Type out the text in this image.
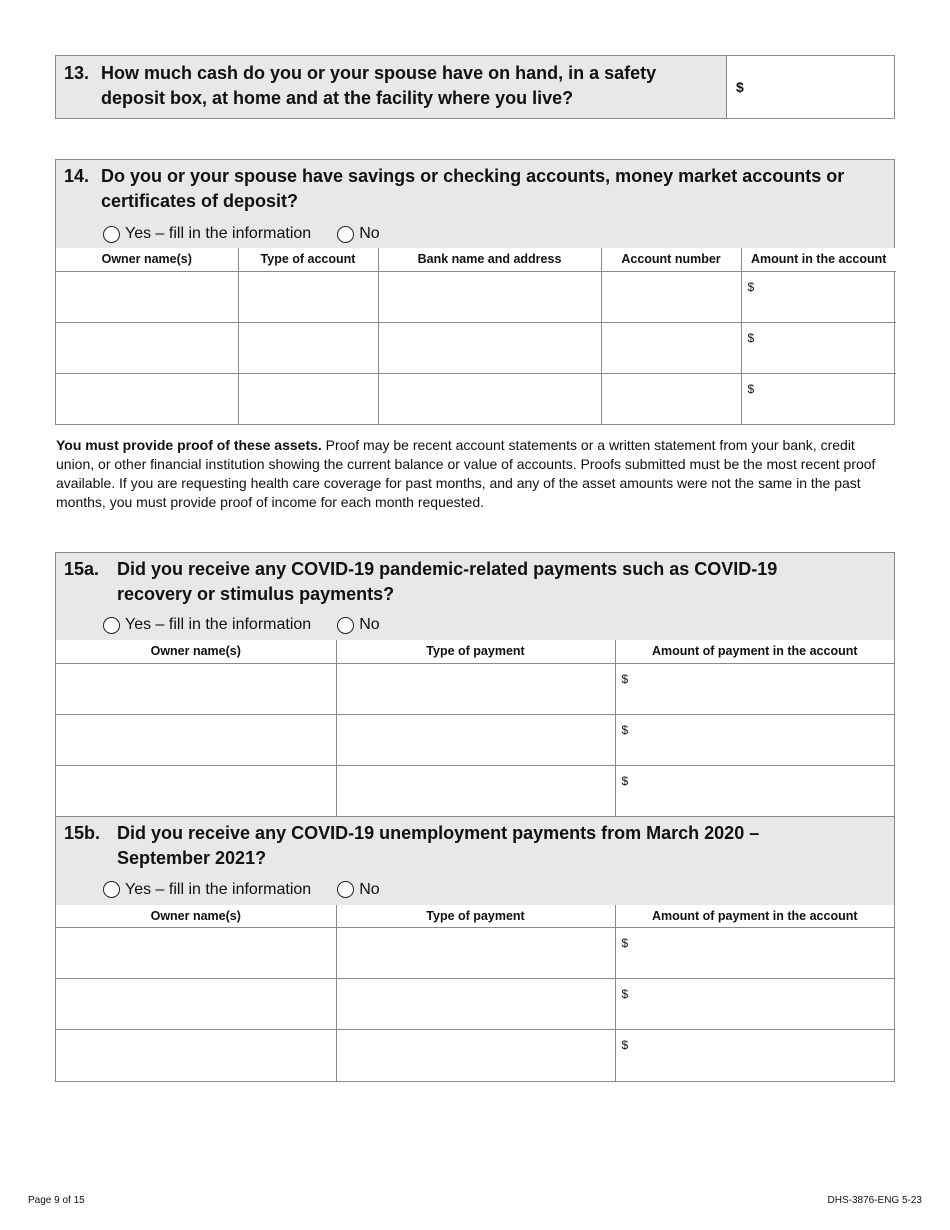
13. How much cash do you or your spouse have on hand, in a safety deposit box, at home and at the facility where you live?
$
14. Do you or your spouse have savings or checking accounts, money market accounts or certificates of deposit?
Yes – fill in the information	No
Owner name(s)	Type of account	Bank name and address	Account number	Amount in the account
				$
				$
				$
You must provide proof of these assets. Proof may be recent account statements or a written statement from your bank, credit union, or other financial institution showing the current balance or value of accounts. Proofs submitted must be the most recent proof available. If you are requesting health care coverage for past months, and any of the asset amounts were not the same in the past months, you must provide proof of income for each month requested.
15a. Did you receive any COVID-19 pandemic-related payments such as COVID-19 recovery or stimulus payments?
Yes – fill in the information	No
Owner name(s)	Type of payment	Amount of payment in the account
		$
		$
		$
15b. Did you receive any COVID-19 unemployment payments from March 2020 – September 2021?
Yes – fill in the information	No
Owner name(s)	Type of payment	Amount of payment in the account
		$
		$
		$
Page 9 of 15	DHS-3876-ENG 5-23
